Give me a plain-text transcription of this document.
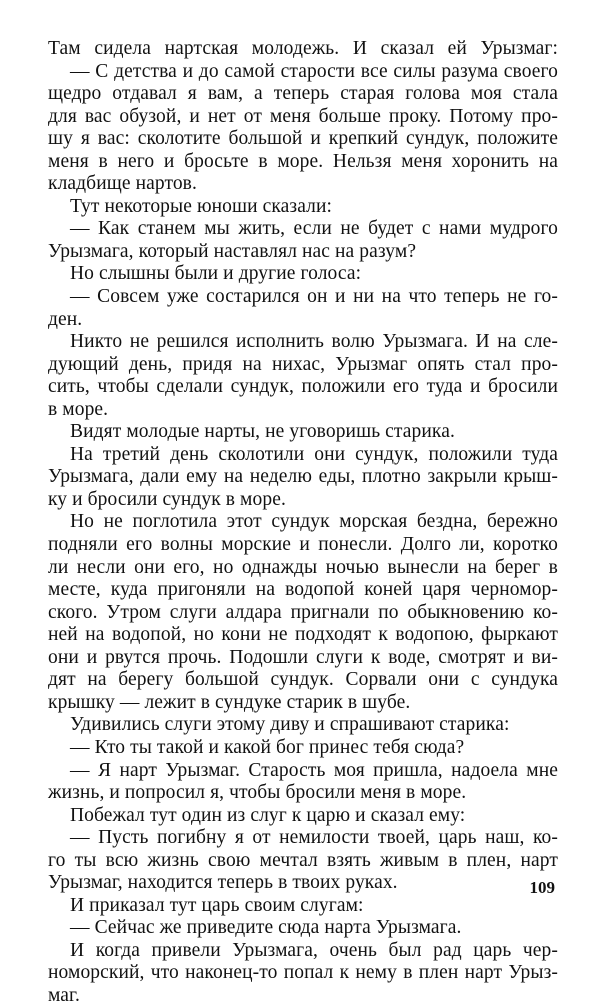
Там сидела нартская молодежь. И сказал ей Урызмаг:
— С детства и до самой старости все силы разума своего
щедро отдавал я вам, а теперь старая голова моя стала
для вас обузой, и нет от меня больше проку. Потому про-
шу я вас: сколотите большой и крепкий сундук, положите
меня в него и бросьте в море. Нельзя меня хоронить на
кладбище нартов.
Тут некоторые юноши сказали:
— Как станем мы жить, если не будет с нами мудрого
Урызмага, который наставлял нас на разум?
Но слышны были и другие голоса:
— Совсем уже состарился он и ни на что теперь не го-
ден.
Никто не решился исполнить волю Урызмага. И на сле-
дующий день, придя на нихас, Урызмаг опять стал про-
сить, чтобы сделали сундук, положили его туда и бросили
в море.
Видят молодые нарты, не уговоришь старика.
На третий день сколотили они сундук, положили туда
Урызмага, дали ему на неделю еды, плотно закрыли крыш-
ку и бросили сундук в море.
Но не поглотила этот сундук морская бездна, бережно
подняли его волны морские и понесли. Долго ли, коротко
ли несли они его, но однажды ночью вынесли на берег в
месте, куда пригоняли на водопой коней царя черномор-
ского. Утром слуги алдара пригнали по обыкновению ко-
ней на водопой, но кони не подходят к водопою, фыркают
они и рвутся прочь. Подошли слуги к воде, смотрят и ви-
дят на берегу большой сундук. Сорвали они с сундука
крышку — лежит в сундуке старик в шубе.
Удивились слуги этому диву и спрашивают старика:
— Кто ты такой и какой бог принес тебя сюда?
— Я нарт Урызмаг. Старость моя пришла, надоела мне
жизнь, и попросил я, чтобы бросили меня в море.
Побежал тут один из слуг к царю и сказал ему:
— Пусть погибну я от немилости твоей, царь наш, ко-
го ты всю жизнь свою мечтал взять живым в плен, нарт
Урызмаг, находится теперь в твоих руках.
И приказал тут царь своим слугам:
— Сейчас же приведите сюда нарта Урызмага.
И когда привели Урызмага, очень был рад царь чер-
номорский, что наконец-то попал к нему в плен нарт Урыз-
маг.
109
